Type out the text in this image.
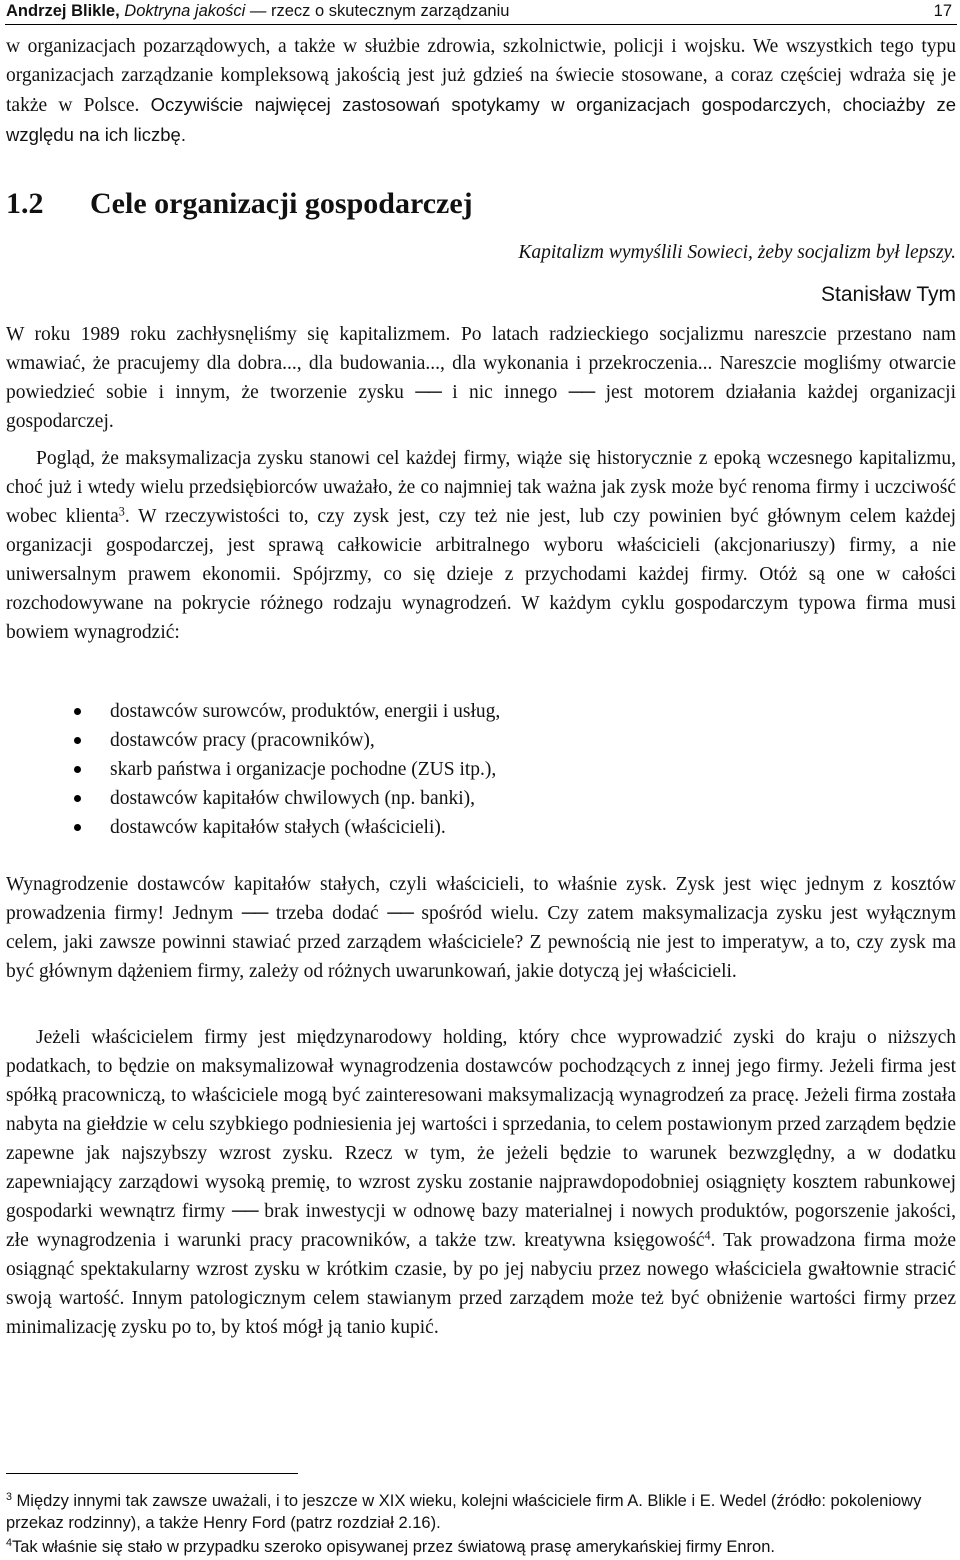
Andrzej Blikle, Doktryna jakości — rzecz o skutecznym zarządzaniu	17

w organizacjach pozarządowych, a także w służbie zdrowia, szkolnictwie, policji i wojsku. We wszystkich tego typu organizacjach zarządzanie kompleksową jakością jest już gdzieś na świecie stosowane, a coraz częściej wdraża się je także w Polsce. Oczywiście najwięcej zastosowań spotykamy w organizacjach gospodarczych, chociażby ze względu na ich liczbę.

1.2 Cele organizacji gospodarczej
Kapitalizm wymyślili Sowieci, żeby socjalizm był lepszy.
Stanisław Tym

W roku 1989 roku zachłysnęliśmy się kapitalizmem. Po latach radzieckiego socjalizmu nareszcie przestano nam wmawiać, że pracujemy dla dobra..., dla budowania..., dla wykonania i przekroczenia... Nareszcie mogliśmy otwarcie powiedzieć sobie i innym, że tworzenie zysku ── i nic innego ── jest motorem działania każdej organizacji gospodarczej.

Pogląd, że maksymalizacja zysku stanowi cel każdej firmy, wiąże się historycznie z epoką wczesnego kapitalizmu, choć już i wtedy wielu przedsiębiorców uważało, że co najmniej tak ważna jak zysk może być renoma firmy i uczciwość wobec klienta$^3$. W rzeczywistości to, czy zysk jest, czy też nie jest, lub czy powinien być głównym celem każdej organizacji gospodarczej, jest sprawą całkowicie arbitralnego wyboru właścicieli (akcjonariuszy) firmy, a nie uniwersalnym prawem ekonomii. Spójrzmy, co się dzieje z przychodami każdej firmy. Otóż są one w całości rozchodowywane na pokrycie różnego rodzaju wynagrodzeń. W każdym cyklu gospodarczym typowa firma musi bowiem wynagrodzić:

dostawców surowców, produktów, energii i usług,
dostawców pracy (pracowników),
skarb państwa i organizacje pochodne (ZUS itp.),
dostawców kapitałów chwilowych (np. banki),
dostawców kapitałów stałych (właścicieli).

Wynagrodzenie dostawców kapitałów stałych, czyli właścicieli, to właśnie zysk. Zysk jest więc jednym z kosztów prowadzenia firmy! Jednym ── trzeba dodać ── spośród wielu. Czy zatem maksymalizacja zysku jest wyłącznym celem, jaki zawsze powinni stawiać przed zarządem właściciele? Z pewnością nie jest to imperatyw, a to, czy zysk ma być głównym dążeniem firmy, zależy od różnych uwarunkowań, jakie dotyczą jej właścicieli.

Jeżeli właścicielem firmy jest międzynarodowy holding, który chce wyprowadzić zyski do kraju o niższych podatkach, to będzie on maksymalizował wynagrodzenia dostawców pochodzących z innej jego firmy. Jeżeli firma jest spółką pracowniczą, to właściciele mogą być zainteresowani maksymalizacją wynagrodzeń za pracę. Jeżeli firma została nabyta na giełdzie w celu szybkiego podniesienia jej wartości i sprzedania, to celem postawionym przed zarządem będzie zapewne jak najszybszy wzrost zysku. Rzecz w tym, że jeżeli będzie to warunek bezwzględny, a w dodatku zapewniający zarządowi wysoką premię, to wzrost zysku zostanie najprawdopodobniej osiągnięty kosztem rabunkowej gospodarki wewnątrz firmy ── brak inwestycji w odnowę bazy materialnej i nowych produktów, pogorszenie jakości, złe wynagrodzenia i warunki pracy pracowników, a także tzw. kreatywna księgowość$^4$. Tak prowadzona firma może osiągnąć spektakularny wzrost zysku w krótkim czasie, by po jej nabyciu przez nowego właściciela gwałtownie stracić swoją wartość. Innym patologicznym celem stawianym przed zarządem może też być obniżenie wartości firmy przez minimalizację zysku po to, by ktoś mógł ją tanio kupić.

$^3$ Między innymi tak zawsze uważali, i to jeszcze w XIX wieku, kolejni właściciele firm A. Blikle i E. Wedel (źródło: pokoleniowy przekaz rodzinny), a także Henry Ford (patrz rozdział 2.16).

$^4$Tak właśnie się stało w przypadku szeroko opisywanej przez światową prasę amerykańskiej firmy Enron.
